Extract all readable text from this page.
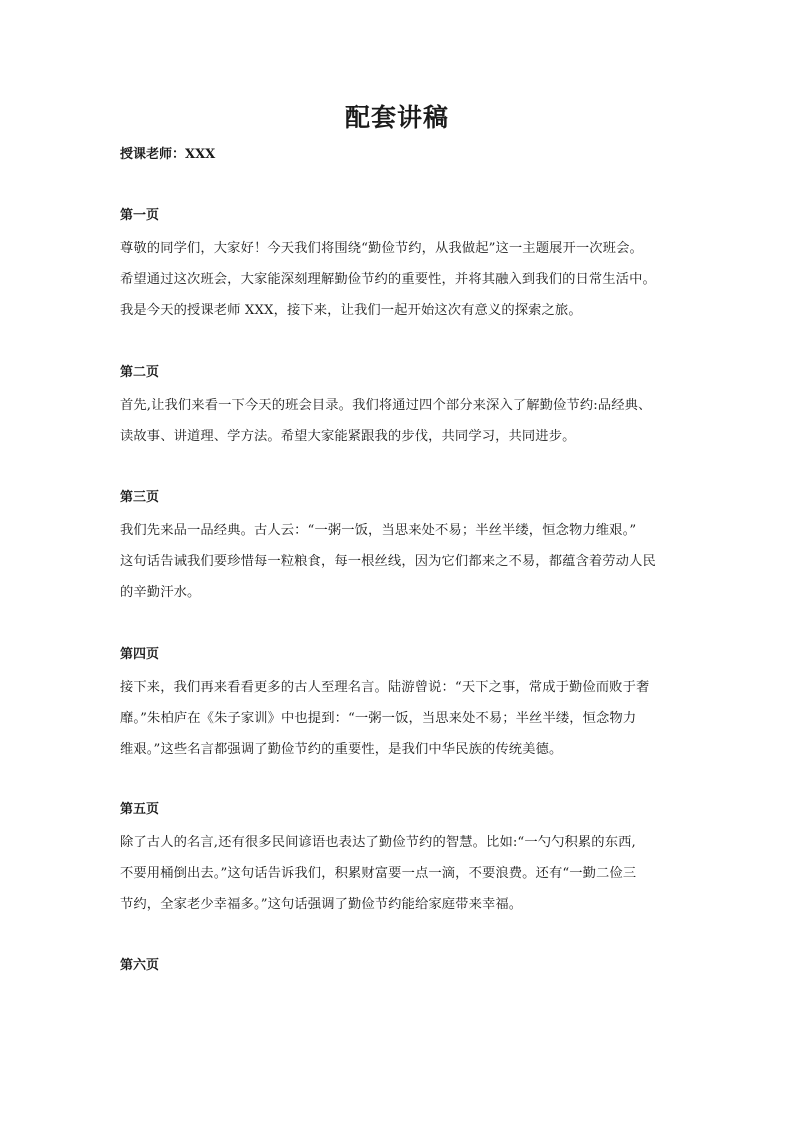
配套讲稿
授课老师：XXX
第一页
尊敬的同学们，大家好！今天我们将围绕“勤俭节约，从我做起”这一主题展开一次班会。
希望通过这次班会，大家能深刻理解勤俭节约的重要性，并将其融入到我们的日常生活中。
我是今天的授课老师 XXX，接下来，让我们一起开始这次有意义的探索之旅。
第二页
首先,让我们来看一下今天的班会目录。我们将通过四个部分来深入了解勤俭节约:品经典、
读故事、讲道理、学方法。希望大家能紧跟我的步伐，共同学习，共同进步。
第三页
我们先来品一品经典。古人云：“一粥一饭，当思来处不易；半丝半缕，恒念物力维艰。”
这句话告诫我们要珍惜每一粒粮食，每一根丝线，因为它们都来之不易，都蕴含着劳动人民
的辛勤汗水。
第四页
接下来，我们再来看看更多的古人至理名言。陆游曾说：“天下之事，常成于勤俭而败于奢
靡。”朱柏庐在《朱子家训》中也提到：“一粥一饭，当思来处不易；半丝半缕，恒念物力
维艰。”这些名言都强调了勤俭节约的重要性，是我们中华民族的传统美德。
第五页
除了古人的名言,还有很多民间谚语也表达了勤俭节约的智慧。比如:“一勺勺积累的东西,
不要用桶倒出去。”这句话告诉我们，积累财富要一点一滴，不要浪费。还有“一勤二俭三
节约，全家老少幸福多。”这句话强调了勤俭节约能给家庭带来幸福。
第六页
